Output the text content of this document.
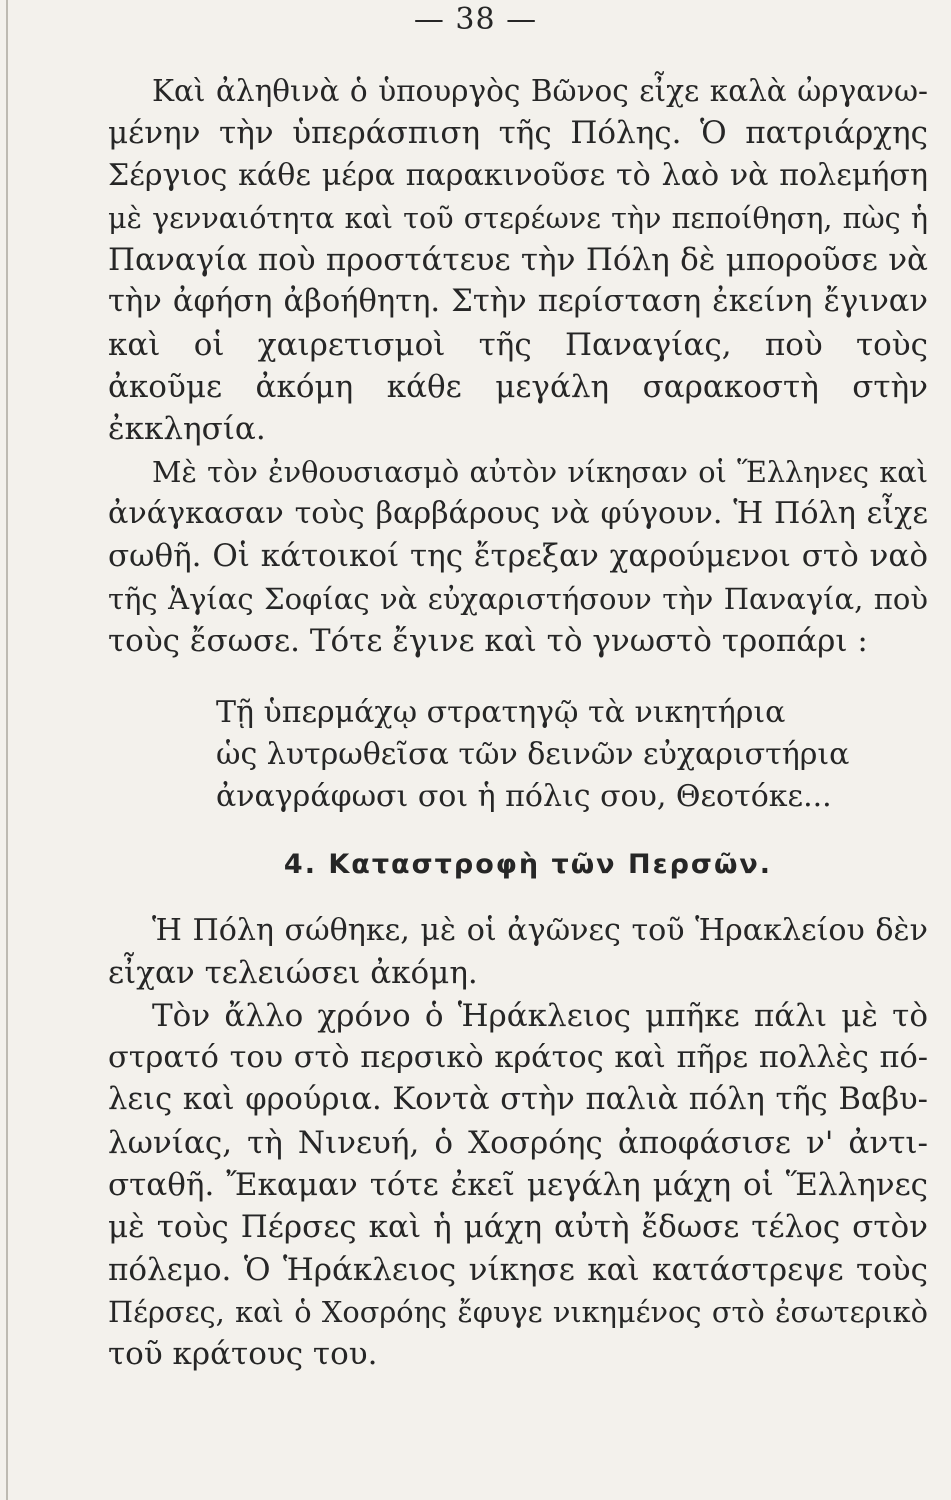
— 38 —
Καὶ ἀληθινὰ ὁ ὑπουργὸς Βῶνος εἶχε καλὰ ὠργανω-
μένην τὴν ὑπεράσπιση τῆς Πόλης. Ὁ πατριάρχης
Σέργιος κάθε μέρα παρακινοῦσε τὸ λαὸ νὰ πολεμήση
μὲ γενναιότητα καὶ τοῦ στερέωνε τὴν πεποίθηση, πὼς ἡ
Παναγία ποὺ προστάτευε τὴν Πόλη δὲ μποροῦσε νὰ
τὴν ἀφήση ἀβοήθητη. Στὴν περίσταση ἐκείνη ἔγιναν
καὶ οἱ χαιρετισμοὶ τῆς Παναγίας, ποὺ τοὺς
ἀκοῦμε ἀκόμη κάθε μεγάλη σαρακοστὴ στὴν
ἐκκλησία.
Μὲ τὸν ἐνθουσιασμὸ αὐτὸν νίκησαν οἱ Ἕλληνες καὶ
ἀνάγκασαν τοὺς βαρβάρους νὰ φύγουν. Ἡ Πόλη εἶχε
σωθῆ. Οἱ κάτοικοί της ἔτρεξαν χαρούμενοι στὸ ναὸ
τῆς Ἁγίας Σοφίας νὰ εὐχαριστήσουν τὴν Παναγία, ποὺ
τοὺς ἔσωσε. Τότε ἔγινε καὶ τὸ γνωστὸ τροπάρι :
Τῇ ὑπερμάχῳ στρατηγῷ τὰ νικητήρια
ὡς λυτρωθεῖσα τῶν δεινῶν εὐχαριστήρια
ἀναγράφωσι σοι ἡ πόλις σου, Θεοτόκε...
4. Καταστροφὴ τῶν Περσῶν.
Ἡ Πόλη σώθηκε, μὲ οἱ ἀγῶνες τοῦ Ἡρακλείου δὲν
εἶχαν τελειώσει ἀκόμη.
Τὸν ἄλλο χρόνο ὁ Ἡράκλειος μπῆκε πάλι μὲ τὸ
στρατό του στὸ περσικὸ κράτος καὶ πῆρε πολλὲς πό-
λεις καὶ φρούρια. Κοντὰ στὴν παλιὰ πόλη τῆς Βαβυ-
λωνίας, τὴ Νινευή, ὁ Χοσρόης ἀποφάσισε ν' ἀντι-
σταθῆ. Ἔκαμαν τότε ἐκεῖ μεγάλη μάχη οἱ Ἕλληνες
μὲ τοὺς Πέρσες καὶ ἡ μάχη αὐτὴ ἔδωσε τέλος στὸν
πόλεμο. Ὁ Ἡράκλειος νίκησε καὶ κατάστρεψε τοὺς
Πέρσες, καὶ ὁ Χοσρόης ἔφυγε νικημένος στὸ ἐσωτερικὸ
τοῦ κράτους του.
